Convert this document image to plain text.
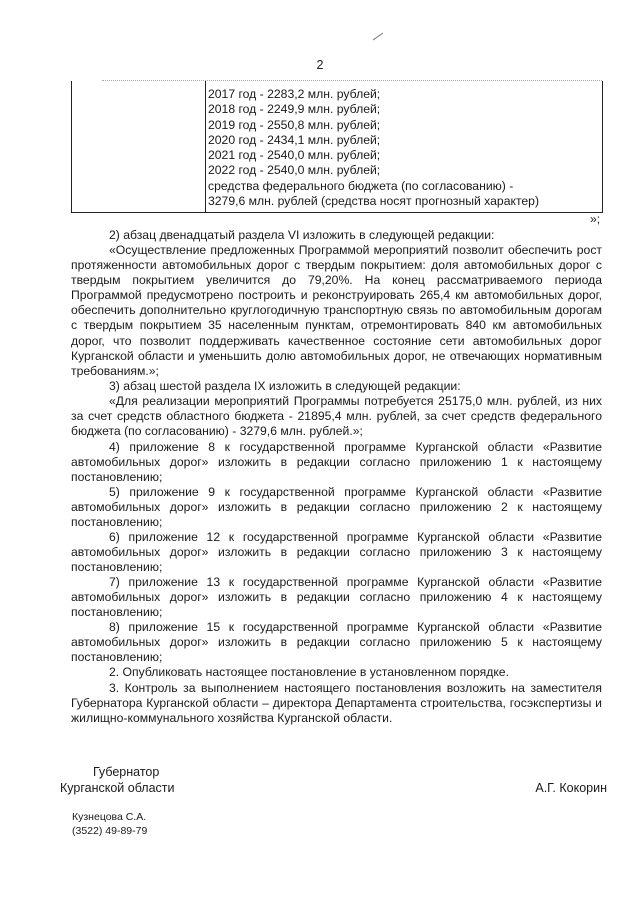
2
2017 год - 2283,2 млн. рублей;
2018 год - 2249,9 млн. рублей;
2019 год - 2550,8 млн. рублей;
2020 год - 2434,1 млн. рублей;
2021 год - 2540,0 млн. рублей;
2022 год - 2540,0 млн. рублей;
средства федерального бюджета (по согласованию) -
3279,6 млн. рублей (средства носят прогнозный характер)
»;

2) абзац двенадцатый раздела VI изложить в следующей редакции:

«Осуществление предложенных Программой мероприятий позволит обеспечить рост протяженности автомобильных дорог с твердым покрытием: доля автомобильных дорог с твердым покрытием увеличится до 79,20%. На конец рассматриваемого периода Программой предусмотрено построить и реконструировать 265,4 км автомобильных дорог, обеспечить дополнительно круглогодичную транспортную связь по автомобильным дорогам с твердым покрытием 35 населенным пунктам, отремонтировать 840 км автомобильных дорог, что позволит поддерживать качественное состояние сети автомобильных дорог Курганской области и уменьшить долю автомобильных дорог, не отвечающих нормативным требованиям.»;

3) абзац шестой раздела IX изложить в следующей редакции:

«Для реализации мероприятий Программы потребуется 25175,0 млн. рублей, из них за счет средств областного бюджета - 21895,4 млн. рублей, за счет средств федерального бюджета (по согласованию) - 3279,6 млн. рублей.»;

4) приложение 8 к государственной программе Курганской области «Развитие автомобильных дорог» изложить в редакции согласно приложению 1 к настоящему постановлению;

5) приложение 9 к государственной программе Курганской области «Развитие автомобильных дорог» изложить в редакции согласно приложению 2 к настоящему постановлению;

6) приложение 12 к государственной программе Курганской области «Развитие автомобильных дорог» изложить в редакции согласно приложению 3 к настоящему постановлению;

7) приложение 13 к государственной программе Курганской области «Развитие автомобильных дорог» изложить в редакции согласно приложению 4 к настоящему постановлению;

8) приложение 15 к государственной программе Курганской области «Развитие автомобильных дорог» изложить в редакции согласно приложению 5 к настоящему постановлению;

2. Опубликовать настоящее постановление в установленном порядке.

3. Контроль за выполнением настоящего постановления возложить на заместителя Губернатора Курганской области – директора Департамента строительства, госэкспертизы и жилищно-коммунального хозяйства Курганской области.

Губернатор
Курганской области	А.Г. Кокорин
Кузнецова С.А.
(3522) 49-89-79
